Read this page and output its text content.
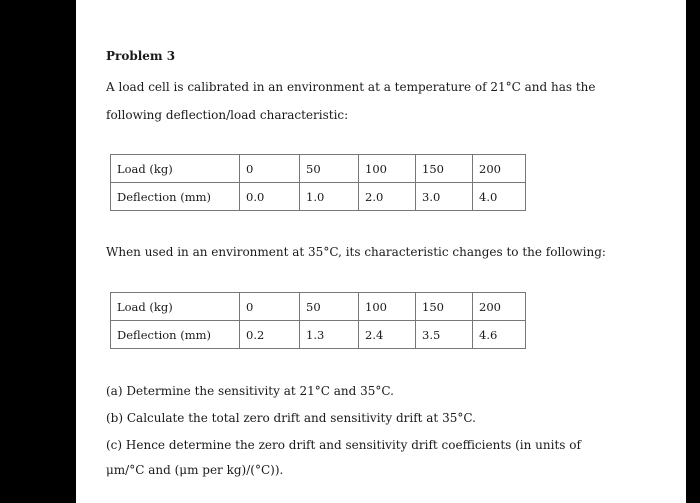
Problem 3
A load cell is calibrated in an environment at a temperature of 21°C and has the
following deflection/load characteristic:
Load (kg)	0	50	100	150	200
Deflection (mm)	0.0	1.0	2.0	3.0	4.0
When used in an environment at 35°C, its characteristic changes to the following:
Load (kg)	0	50	100	150	200
Deflection (mm)	0.2	1.3	2.4	3.5	4.6
(a) Determine the sensitivity at 21°C and 35°C.
(b) Calculate the total zero drift and sensitivity drift at 35°C.
(c) Hence determine the zero drift and sensitivity drift coefficients (in units of
μm/°C and (μm per kg)/(°C)).
